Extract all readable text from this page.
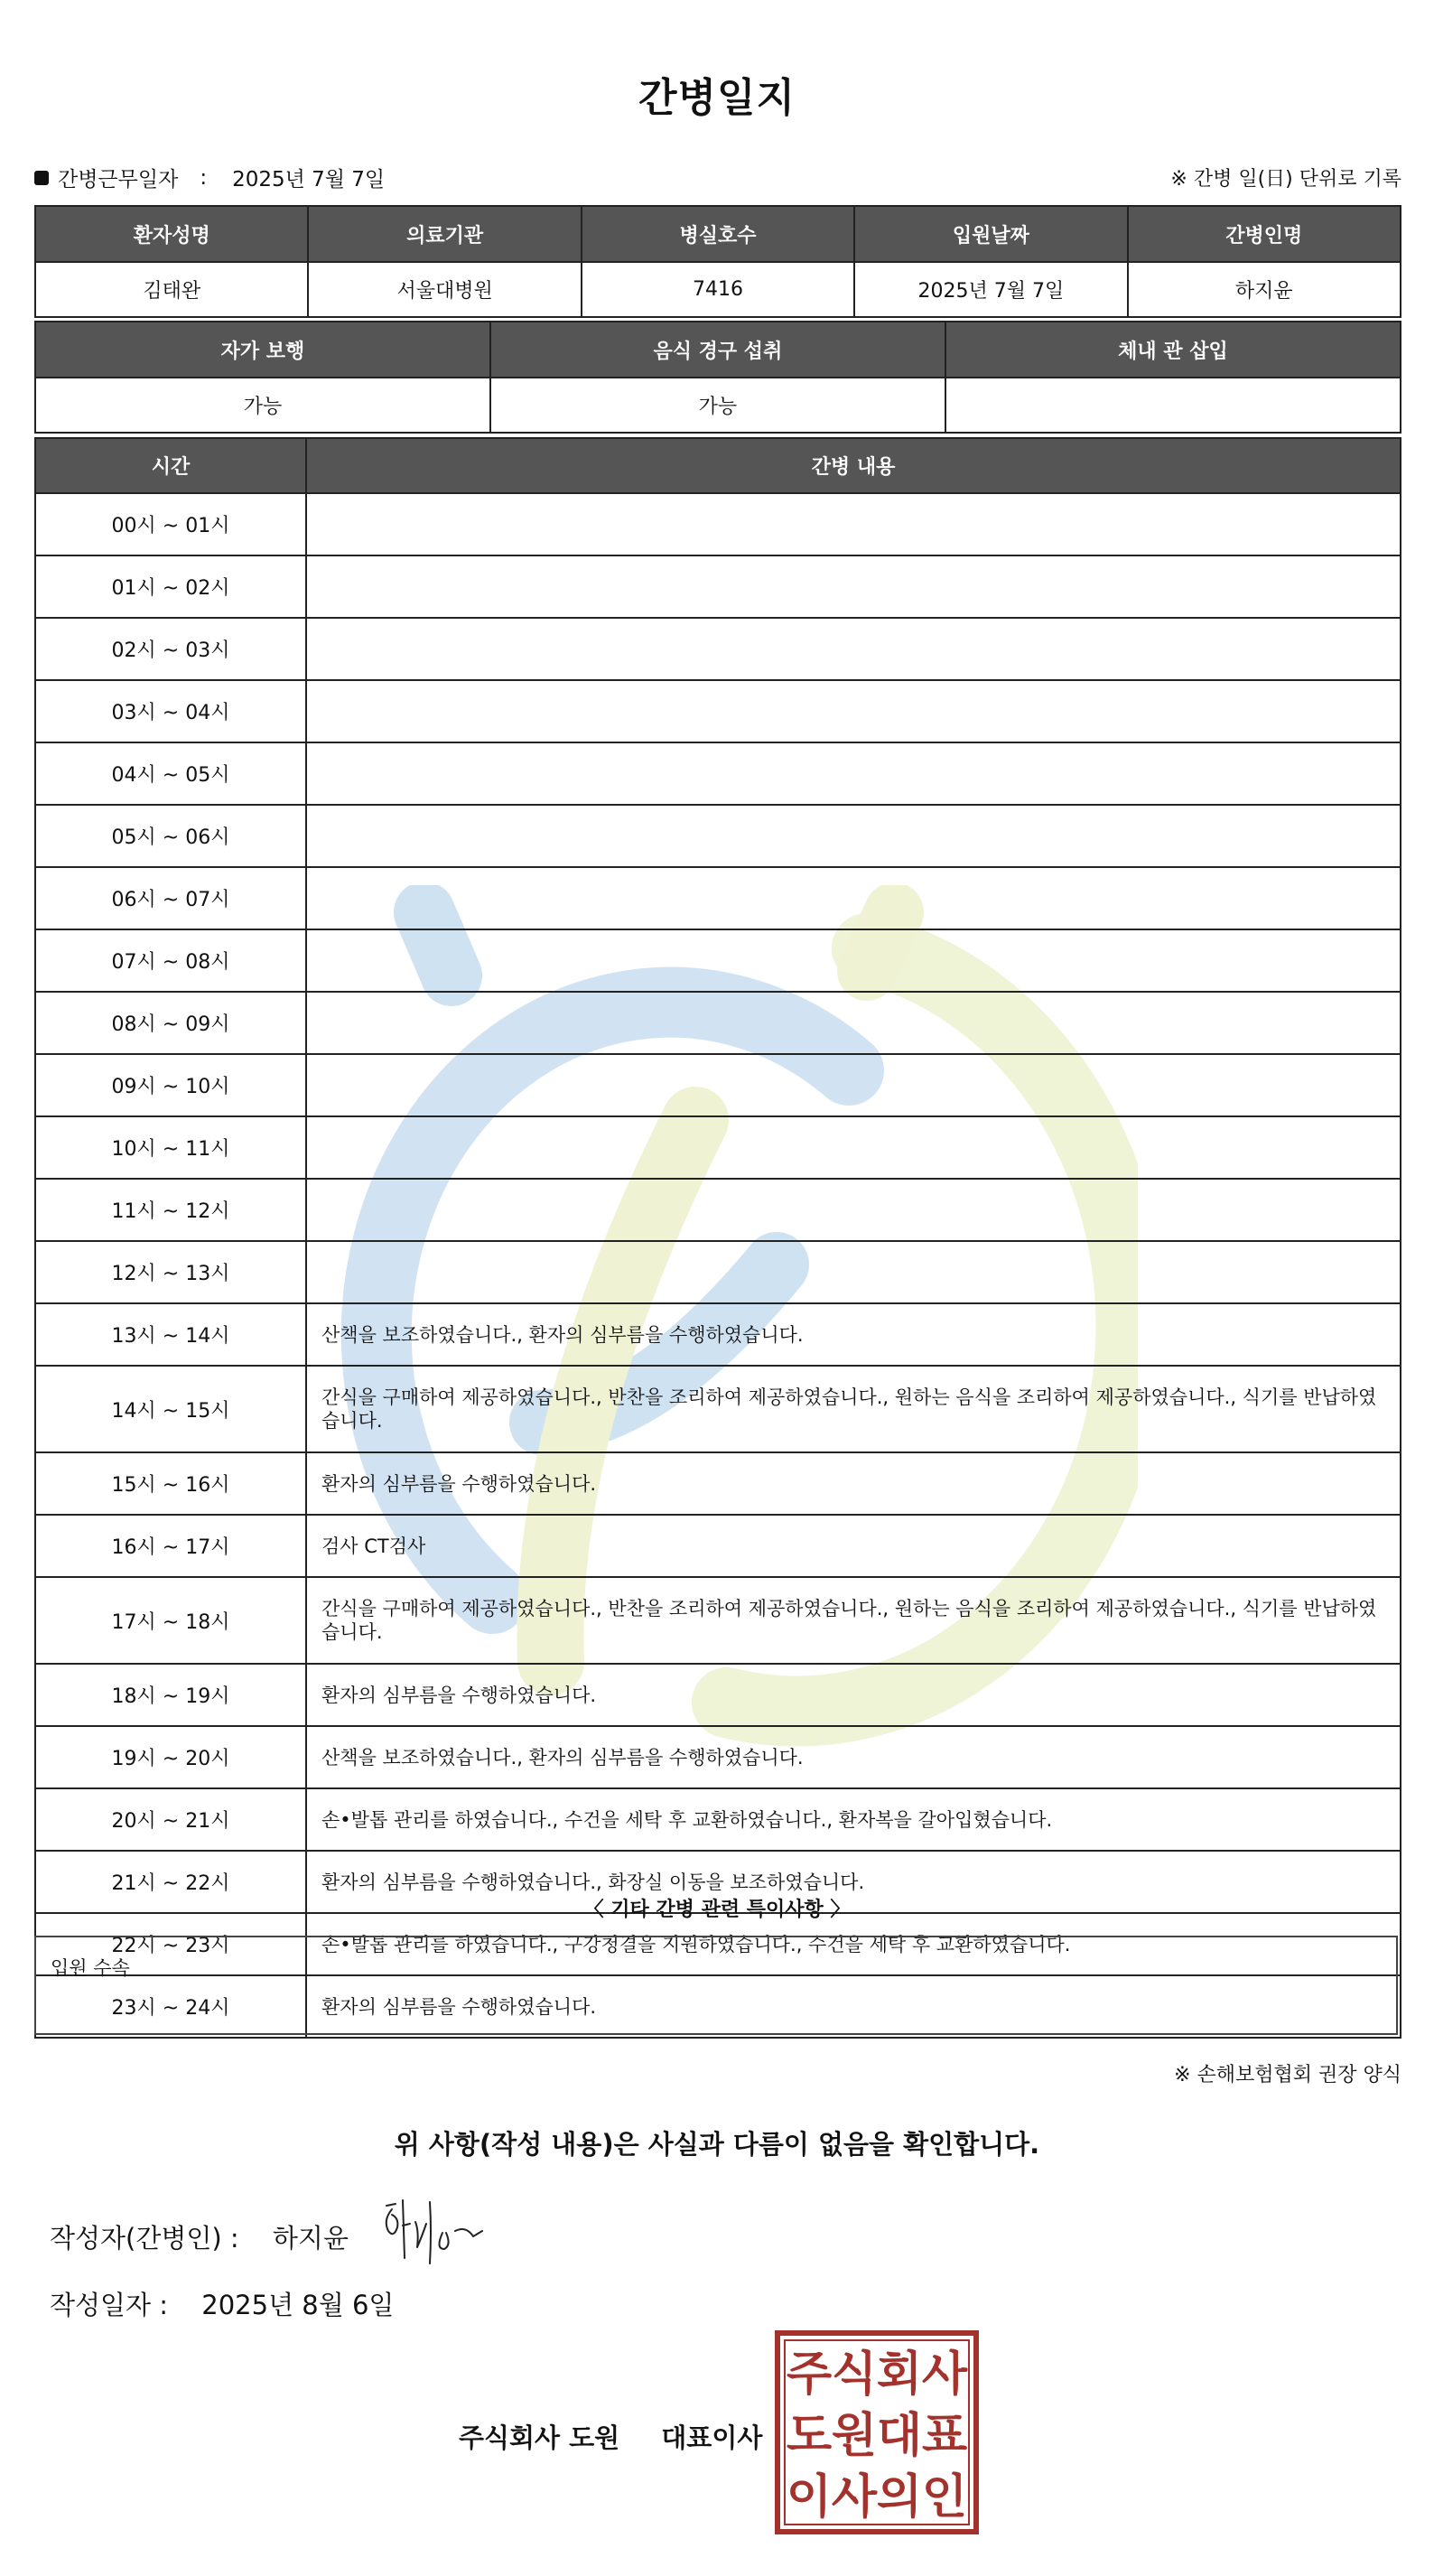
간병일지
간병근무일자 : 2025년 7월 7일	※ 간병 일(日) 단위로 기록
환자성명	의료기관	병실호수	입원날짜	간병인명
김태완	서울대병원	7416	2025년 7월 7일	하지윤
자가 보행	음식 경구 섭취	체내 관 삽입
가능	가능	
시간	간병 내용
00시 ~ 01시	
01시 ~ 02시	
02시 ~ 03시	
03시 ~ 04시	
04시 ~ 05시	
05시 ~ 06시	
06시 ~ 07시	
07시 ~ 08시	
08시 ~ 09시	
09시 ~ 10시	
10시 ~ 11시	
11시 ~ 12시	
12시 ~ 13시	
13시 ~ 14시	산책을 보조하였습니다., 환자의 심부름을 수행하였습니다.
14시 ~ 15시	간식을 구매하여 제공하였습니다., 반찬을 조리하여 제공하였습니다., 원하는 음식을 조리하여 제공하였습니다., 식기를 반납하였습니다.
15시 ~ 16시	환자의 심부름을 수행하였습니다.
16시 ~ 17시	검사 CT검사
17시 ~ 18시	간식을 구매하여 제공하였습니다., 반찬을 조리하여 제공하였습니다., 원하는 음식을 조리하여 제공하였습니다., 식기를 반납하였습니다.
18시 ~ 19시	환자의 심부름을 수행하였습니다.
19시 ~ 20시	산책을 보조하였습니다., 환자의 심부름을 수행하였습니다.
20시 ~ 21시	손•발톱 관리를 하였습니다., 수건을 세탁 후 교환하였습니다., 환자복을 갈아입혔습니다.
21시 ~ 22시	환자의 심부름을 수행하였습니다., 화장실 이동을 보조하였습니다.
22시 ~ 23시	손•발톱 관리를 하였습니다., 구강청결을 지원하였습니다., 수건을 세탁 후 교환하였습니다.
23시 ~ 24시	환자의 심부름을 수행하였습니다.
〈 기타 간병 관련 특이사항 〉
입원 수속
※ 손해보험협회 권장 양식
위 사항(작성 내용)은 사실과 다름이 없음을 확인합니다.
작성자(간병인) : 하지윤
작성일자 : 2025년 8월 6일
주식회사 도원 대표이사
주 식 회 사
도 원 대 표
이 사 의 인
